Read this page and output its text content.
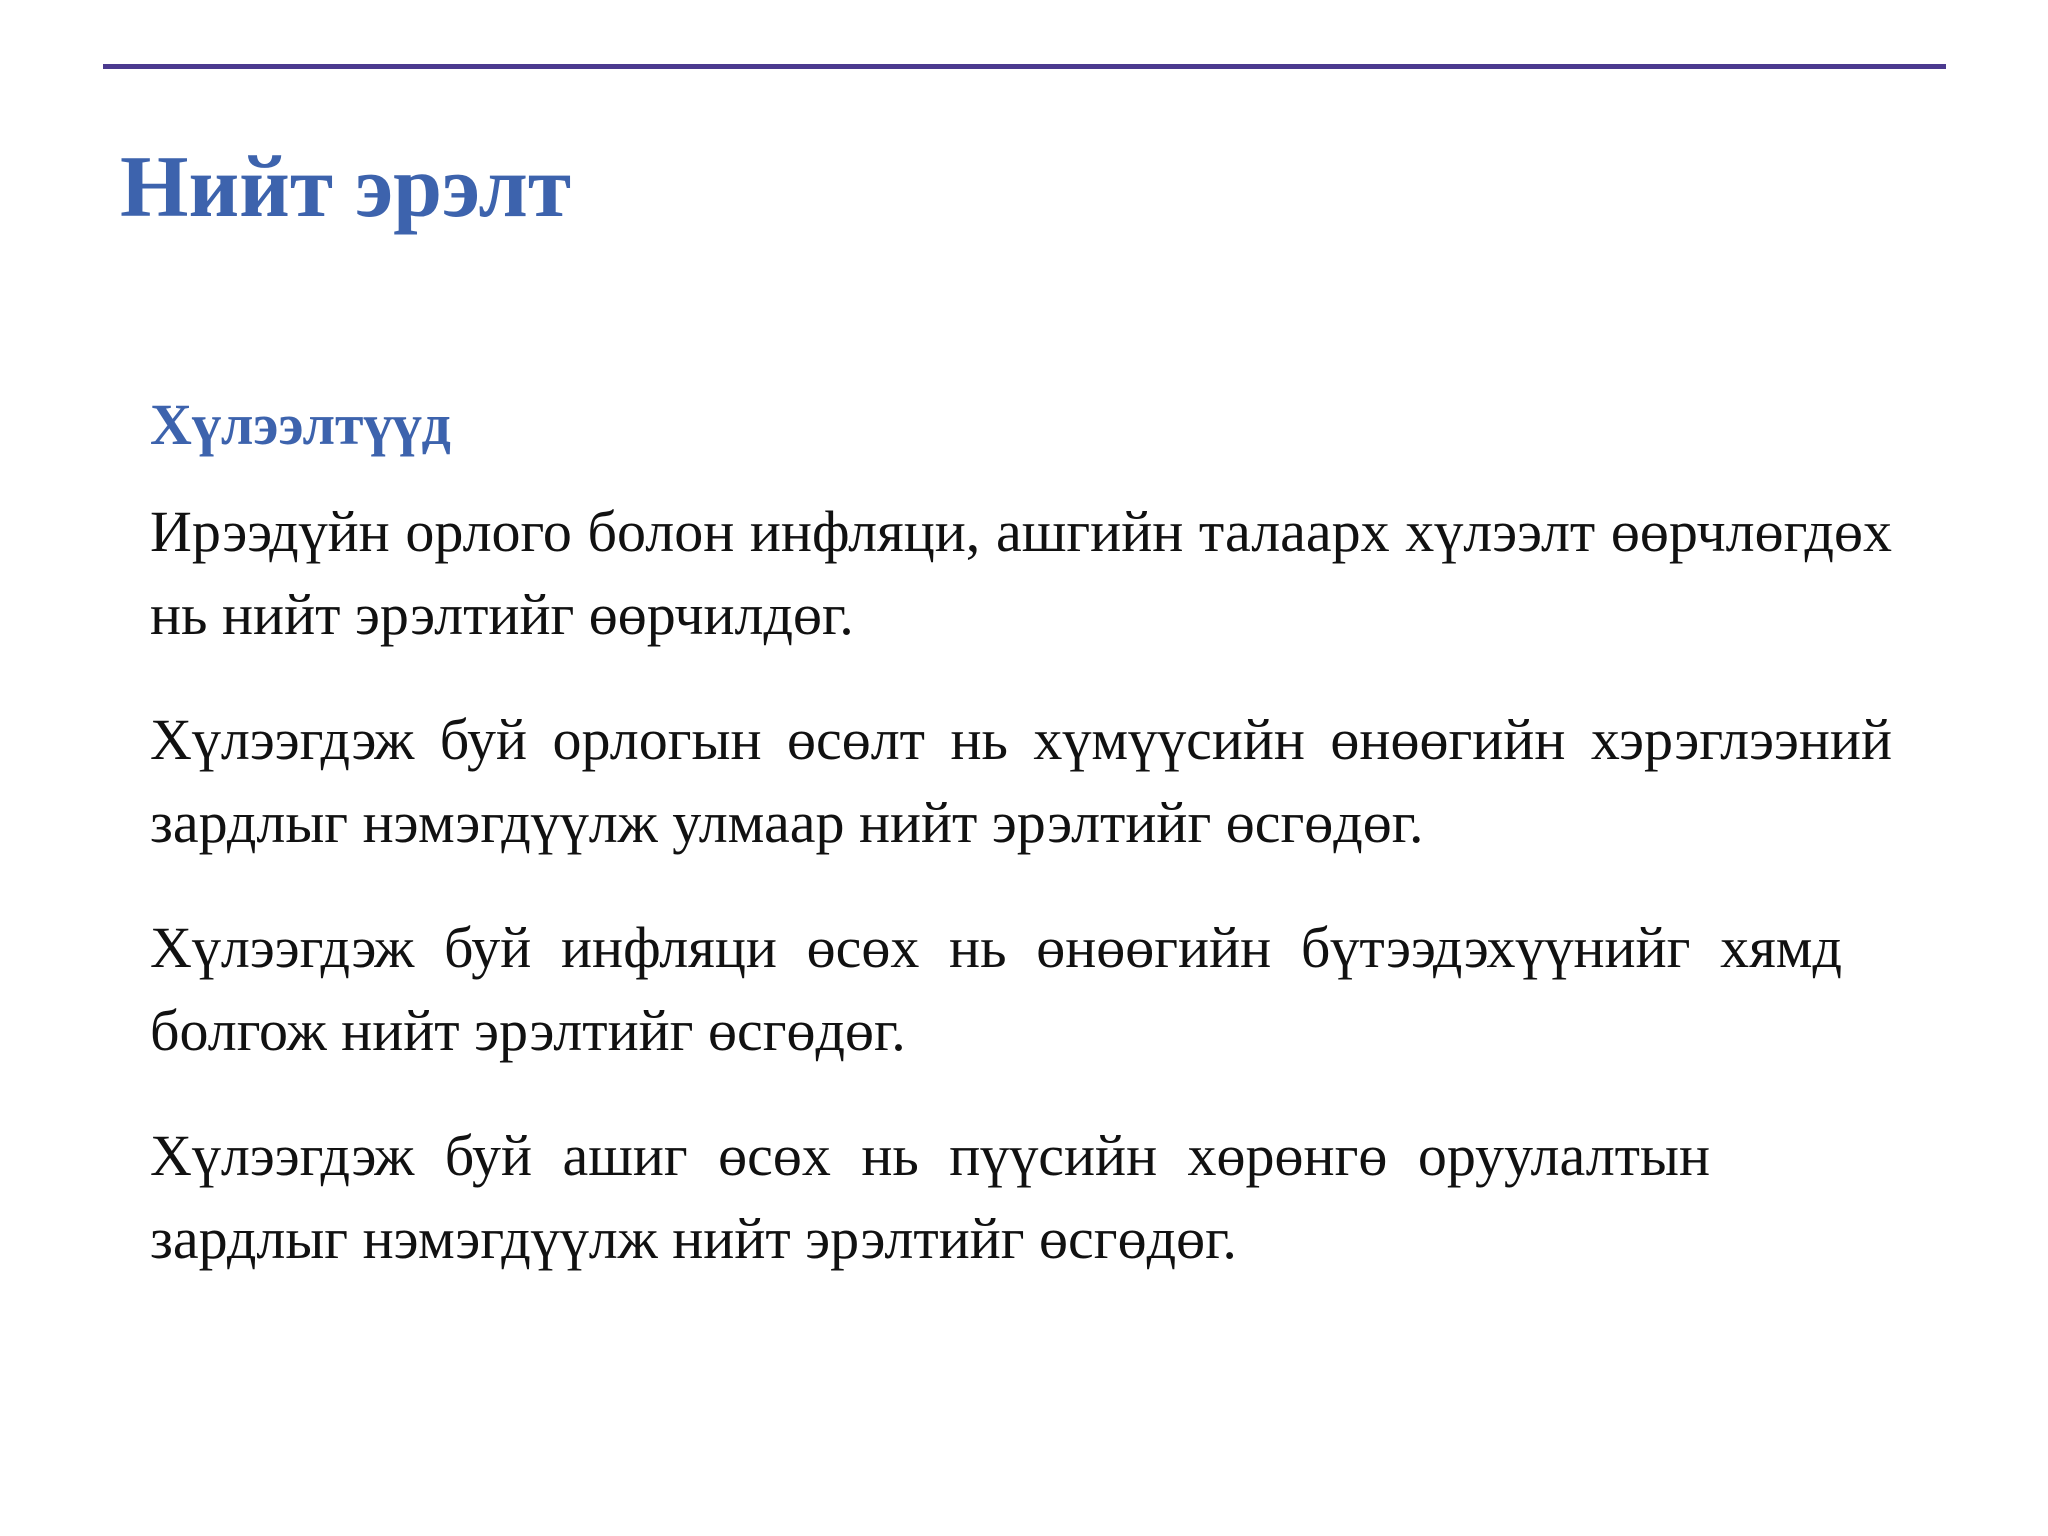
Нийт эрэлт
Хүлээлтүүд

Ирээдүйн орлого болон инфляци, ашгийн талаарх хүлээлт өөрчлөгдөх нь нийт эрэлтийг өөрчилдөг.

Хүлээгдэж буй орлогын өсөлт нь хүмүүсийн өнөөгийн хэрэглээний зардлыг нэмэгдүүлж улмаар нийт эрэлтийг өсгөдөг.

Хүлээгдэж буй инфляци өсөх нь өнөөгийн бүтээдэхүүнийг хямд болгож нийт эрэлтийг өсгөдөг.

Хүлээгдэж буй ашиг өсөх нь пүүсийн хөрөнгө оруулалтын зардлыг нэмэгдүүлж нийт эрэлтийг өсгөдөг.
